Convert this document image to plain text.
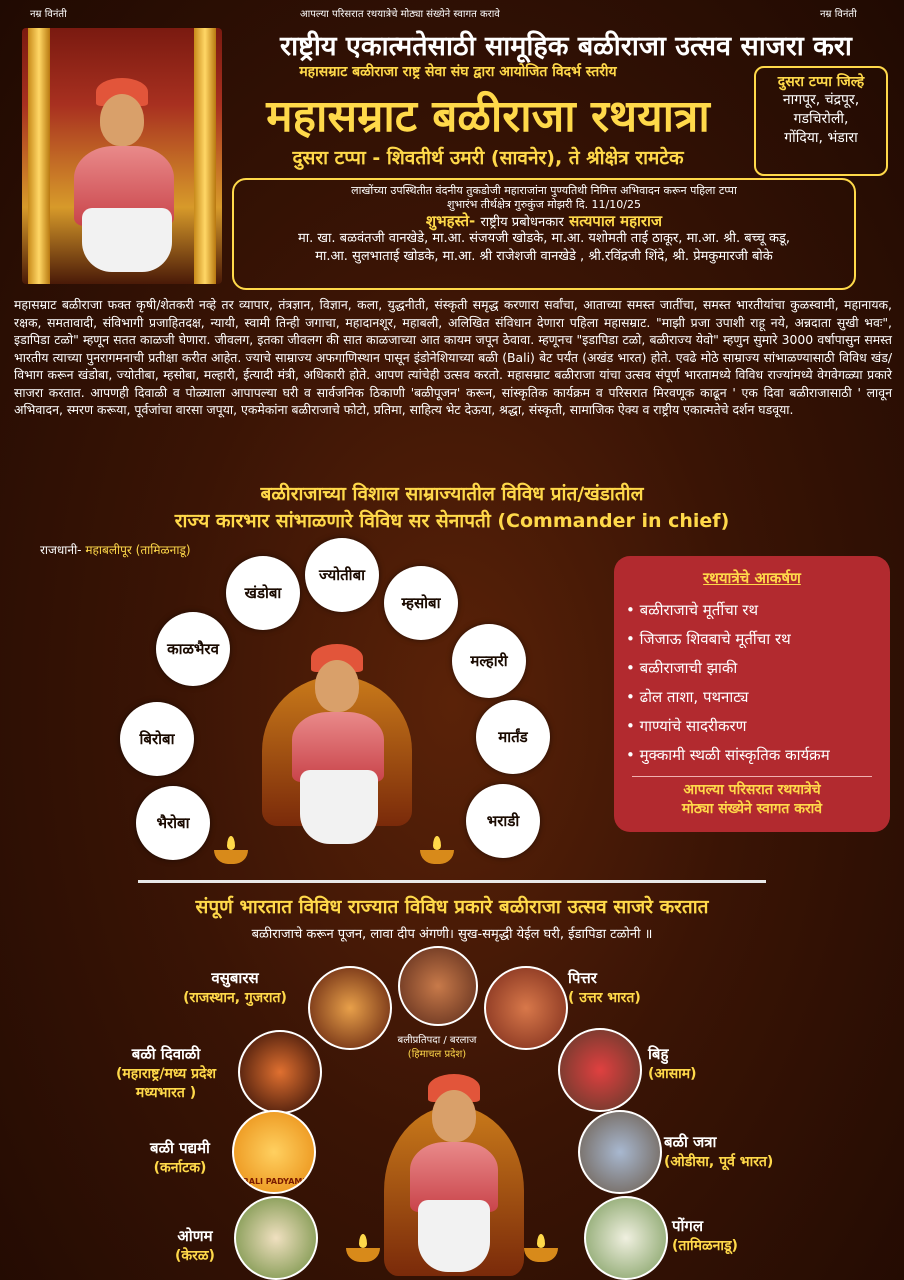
नम्र विनंती	आपल्या परिसरात रथयात्रेचे मोठ्या संख्येने स्वागत करावे	नम्र विनंती
राष्ट्रीय एकात्मतेसाठी सामूहिक बळीराजा उत्सव साजरा करा
महासम्राट बळीराजा राष्ट्र सेवा संघ द्वारा आयोजित विदर्भ स्तरीय
महासम्राट बळीराजा रथयात्रा
दुसरा टप्पा - शिवतीर्थ उमरी (सावनेर), ते श्रीक्षेत्र रामटेक
दुसरा टप्पा जिल्हे
नागपूर, चंद्रपूर,
गडचिरोली,
गोंदिया, भंडारा
लाखोंच्या उपस्थितीत वंदनीय तुकडोजी महाराजांना पुण्यतिथी निमित्त अभिवादन करून पहिला टप्पा
शुभारंभ तीर्थक्षेत्र गुरुकुंज मोझरी दि. 11/10/25
शुभहस्ते- राष्ट्रीय प्रबोधनकार सत्यपाल महाराज
मा. खा. बळवंतजी वानखेडे, मा.आ. संजयजी खोडके, मा.आ. यशोमती ताई ठाकूर, मा.आ. श्री. बच्चू कडू,
मा.आ. सुलभाताई खोडके, मा.आ. श्री राजेशजी वानखेडे , श्री.रविंद्रजी शिंदे, श्री. प्रेमकुमारजी बोके
महासम्राट बळीराजा फक्त कृषी/शेतकरी नव्हे तर व्यापार, तंत्रज्ञान, विज्ञान, कला, युद्धनीती, संस्कृती समृद्ध करणारा सर्वांचा, आताच्या समस्त जातींचा, समस्त भारतीयांचा कुळस्वामी, महानायक, रक्षक, समतावादी, संविभागी प्रजाहितदक्ष, न्यायी, स्वामी तिन्ही जगाचा, महादानशूर, महाबली, अलिखित संविधान देणारा पहिला महासम्राट. "माझी प्रजा उपाशी राहू नये, अन्नदाता सुखी भवः", इडापिडा टळो" म्हणून सतत काळजी घेणारा. जीवलग, इतका जीवलग की सात काळजाच्या आत कायम जपून ठेवावा. म्हणूनच "इडापिडा टळो, बळीराज्य येवो" म्हणुन सुमारे 3000 वर्षापासुन समस्त भारतीय त्याच्या पुनरागमनाची प्रतीक्षा करीत आहेत. ज्याचे साम्राज्य अफगाणिस्थान पासून इंडोनेशियाच्या बळी (Bali) बेट पर्यंत (अखंड भारत) होते. एवढे मोठे साम्राज्य सांभाळण्यासाठी विविध खंड/ विभाग करून खंडोबा, ज्योतीबा, म्हसोबा, मल्हारी, ईत्यादी मंत्री, अधिकारी होते. आपण त्यांचेही उत्सव करतो. महासम्राट बळीराजा यांचा उत्सव संपूर्ण भारतामध्ये विविध राज्यांमध्ये वेगवेगळ्या प्रकारे साजरा करतात. आपणही दिवाळी व पोळ्याला आपापल्या घरी व सार्वजनिक ठिकाणी 'बळीपूजन' करून, सांस्कृतिक कार्यक्रम व परिसरात मिरवणूक काढून ' एक दिवा बळीराजासाठी ' लावून अभिवादन, स्मरण करूया, पूर्वजांचा वारसा जपूया, एकमेकांना बळीराजाचे फोटो, प्रतिमा, साहित्य भेट देऊया, श्रद्धा, संस्कृती, सामाजिक ऐक्य व राष्ट्रीय एकात्मतेचे दर्शन घडवूया.
बळीराजाच्या विशाल साम्राज्यातील विविध प्रांत/खंडातील
राज्य कारभार सांभाळणारे विविध सर सेनापती (Commander in chief)
राजधानी- महाबलीपूर (तामिळनाडू)
ज्योतीबा
खंडोबा
म्हसोबा
काळभैरव
मल्हारी
बिरोबा	मार्तंड
भैरोबा	भराडी
रथयात्रेचे आकर्षण
• बळीराजाचे मूर्तीचा रथ
• जिजाऊ शिवबाचे मूर्तीचा रथ
• बळीराजाची झाकी
• ढोल ताशा, पथनाट्य
• गाण्यांचे सादरीकरण
• मुक्कामी स्थळी सांस्कृतिक कार्यक्रम
आपल्या परिसरात रथयात्रेचे
मोठ्या संख्येने स्वागत करावे
संपूर्ण भारतात विविध राज्यात विविध प्रकारे बळीराजा उत्सव साजरे करतात
बळीराजाचे करून पूजन, लावा दीप अंगणी। सुख-समृद्धी येईल घरी, ईडापिडा टळोनी ॥
बलीप्रतिपदा / बरलाज
(हिमाचल प्रदेश)
BALI PADYAMI
वसुबारस
(राजस्थान, गुजरात)
बळी दिवाळी
(महाराष्ट्र/मध्य प्रदेश
मध्यभारत )
बळी पद्यमी
(कर्नाटक)
ओणम
(केरळ)
पित्तर
( उत्तर भारत)
बिहु
(आसाम)
बळी जत्रा
(ओडीसा, पूर्व भारत)
पोंगल
(तामिळनाडू)
